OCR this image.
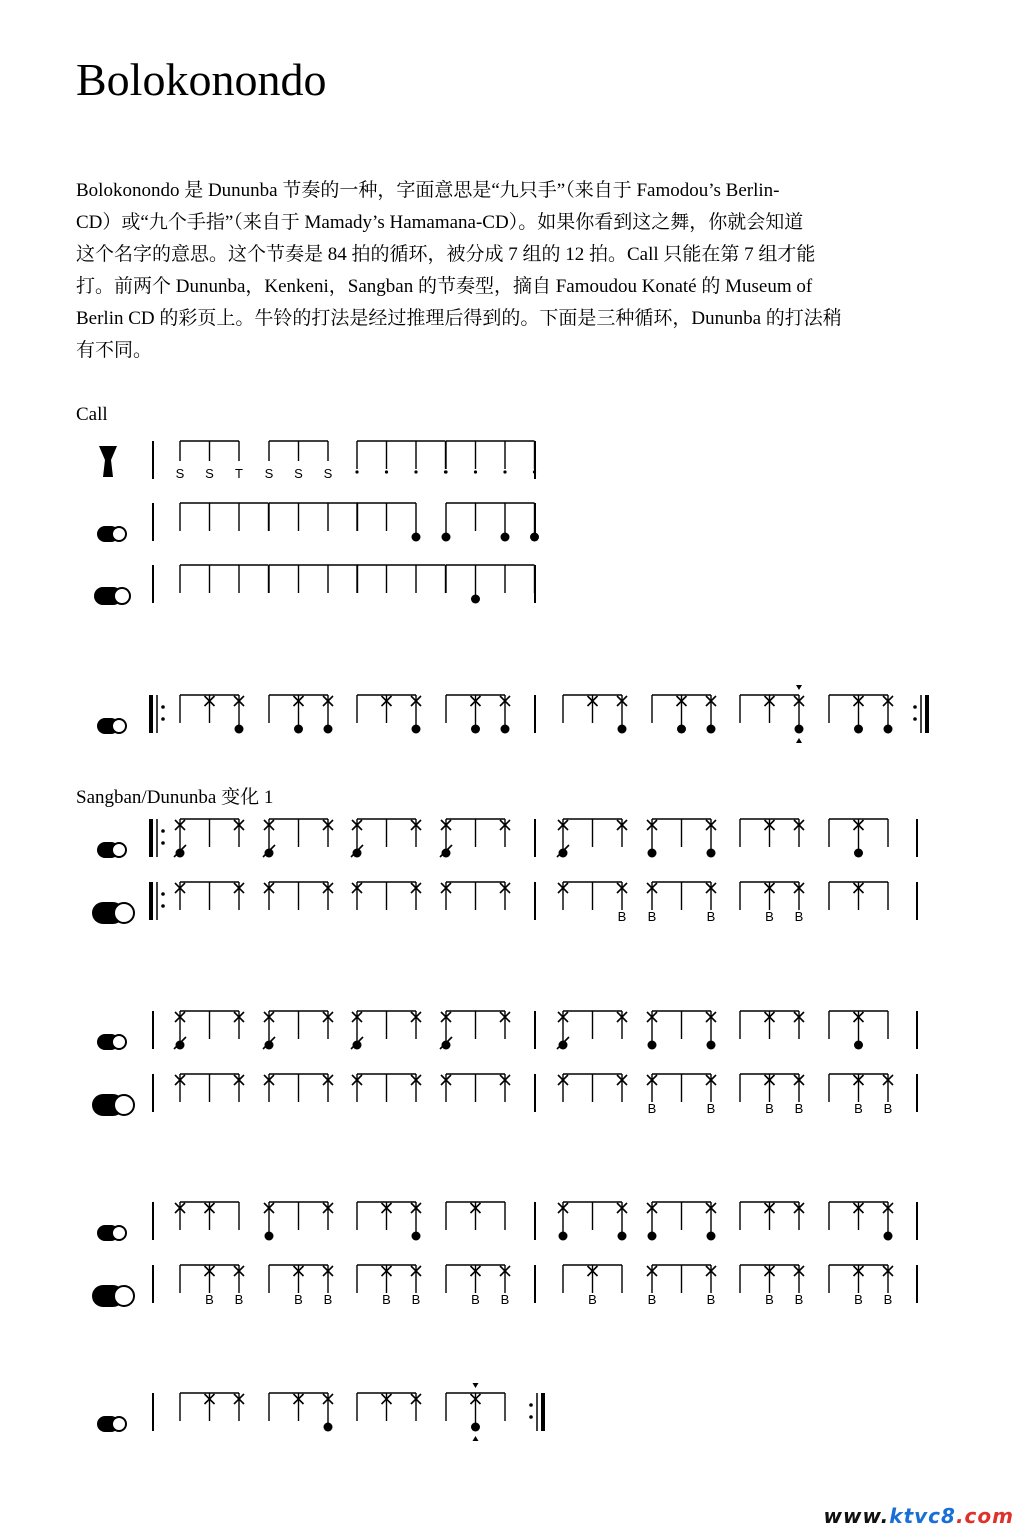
Bolokonondo
Bolokonondo 是 Dununba 节奏的一种，字面意思是“九只手”（来自于 Famodou’s Berlin-
CD）或“九个手指”（来自于 Mamady’s Hamamana-CD）。如果你看到这之舞，你就会知道
这个名字的意思。这个节奏是 84 拍的循环，被分成 7 组的 12 拍。Call 只能在第 7 组才能
打。前两个 Dununba，Kenkeni，Sangban 的节奏型，摘自 Famoudou Konaté 的 Museum of
Berlin CD 的彩页上。牛铃的打法是经过推理后得到的。下面是三种循环，Dununba 的打法稍
有不同。
Call
Sangban/Dununba 变化 1
S S T S S S
B B	B	B B
B	B	B B	B B
B B	B B	B B	B B	B	B	B	B B	B B
www.ktvc8.com
